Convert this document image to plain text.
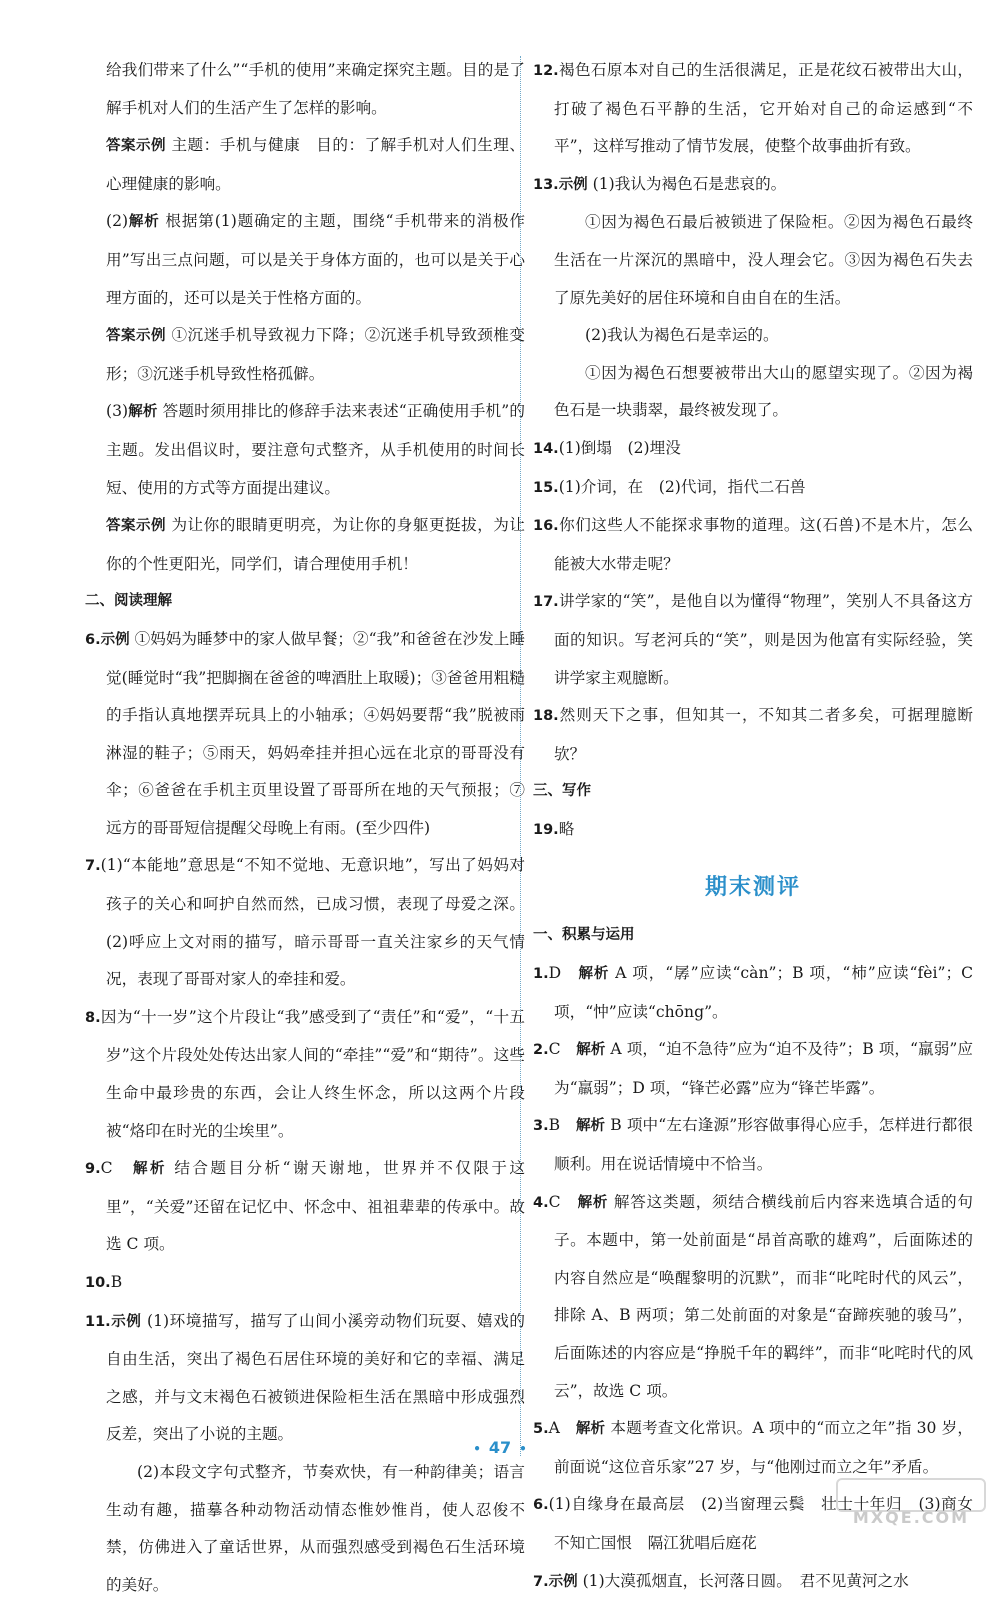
给我们带来了什么”“手机的使用”来确定探究主题。目的是了解手机对人们的生活产生了怎样的影响。

答案示例 主题：手机与健康　目的：了解手机对人们生理、心理健康的影响。

(2)解析 根据第(1)题确定的主题，围绕“手机带来的消极作用”写出三点问题，可以是关于身体方面的，也可以是关于心理方面的，还可以是关于性格方面的。

答案示例 ①沉迷手机导致视力下降；②沉迷手机导致颈椎变形；③沉迷手机导致性格孤僻。

(3)解析 答题时须用排比的修辞手法来表述“正确使用手机”的主题。发出倡议时，要注意句式整齐，从手机使用的时间长短、使用的方式等方面提出建议。

答案示例 为让你的眼睛更明亮，为让你的身躯更挺拔，为让你的个性更阳光，同学们，请合理使用手机！

二、阅读理解

6.示例 ①妈妈为睡梦中的家人做早餐；②“我”和爸爸在沙发上睡觉(睡觉时“我”把脚搁在爸爸的啤酒肚上取暖)；③爸爸用粗糙的手指认真地摆弄玩具上的小轴承；④妈妈要帮“我”脱被雨淋湿的鞋子；⑤雨天，妈妈牵挂并担心远在北京的哥哥没有伞；⑥爸爸在手机主页里设置了哥哥所在地的天气预报；⑦远方的哥哥短信提醒父母晚上有雨。(至少四件)

7.(1)“本能地”意思是“不知不觉地、无意识地”，写出了妈妈对孩子的关心和呵护自然而然，已成习惯，表现了母爱之深。(2)呼应上文对雨的描写，暗示哥哥一直关注家乡的天气情况，表现了哥哥对家人的牵挂和爱。

8.因为“十一岁”这个片段让“我”感受到了“责任”和“爱”，“十五岁”这个片段处处传达出家人间的“牵挂”“爱”和“期待”。这些生命中最珍贵的东西，会让人终生怀念，所以这两个片段被“烙印在时光的尘埃里”。

9.C　 解析 结合题目分析“谢天谢地，世界并不仅限于这里”，“关爱”还留在记忆中、怀念中、祖祖辈辈的传承中。故选 C 项。

10.B

11.示例 (1)环境描写，描写了山间小溪旁动物们玩耍、嬉戏的自由生活，突出了褐色石居住环境的美好和它的幸福、满足之感，并与文末褐色石被锁进保险柜生活在黑暗中形成强烈反差，突出了小说的主题。

(2)本段文字句式整齐，节奏欢快，有一种韵律美；语言生动有趣，描摹各种动物活动情态惟妙惟肖，使人忍俊不禁，仿佛进入了童话世界，从而强烈感受到褐色石生活环境的美好。

12.褐色石原本对自己的生活很满足，正是花纹石被带出大山，打破了褐色石平静的生活，它开始对自己的命运感到“不平”，这样写推动了情节发展，使整个故事曲折有致。

13.示例 (1)我认为褐色石是悲哀的。

①因为褐色石最后被锁进了保险柜。②因为褐色石最终生活在一片深沉的黑暗中，没人理会它。③因为褐色石失去了原先美好的居住环境和自由自在的生活。

(2)我认为褐色石是幸运的。

①因为褐色石想要被带出大山的愿望实现了。②因为褐色石是一块翡翠，最终被发现了。

14.(1)倒塌　(2)埋没

15.(1)介词，在　(2)代词，指代二石兽

16.你们这些人不能探求事物的道理。这(石兽)不是木片，怎么能被大水带走呢？

17.讲学家的“笑”，是他自以为懂得“物理”，笑别人不具备这方面的知识。写老河兵的“笑”，则是因为他富有实际经验，笑讲学家主观臆断。

18.然则天下之事，但知其一，不知其二者多矣，可据理臆断欤？

三、写作

19.略

期末测评

一、积累与运用

1.D　 解析 A 项，“孱”应读“càn”；B 项，“杮”应读“fèi”；C 项，“忡”应读“chōng”。

2.C　 解析 A 项，“迫不急待”应为“迫不及待”；B 项，“羸弱”应为“羸弱”；D 项，“锋芒必露”应为“锋芒毕露”。

3.B　 解析 B 项中“左右逢源”形容做事得心应手，怎样进行都很顺利。用在说话情境中不恰当。

4.C　 解析 解答这类题，须结合横线前后内容来选填合适的句子。本题中，第一处前面是“昂首高歌的雄鸡”，后面陈述的内容自然应是“唤醒黎明的沉默”，而非“叱咤时代的风云”，排除 A、B 两项；第二处前面的对象是“奋蹄疾驰的骏马”，后面陈述的内容应是“挣脱千年的羁绊”，而非“叱咤时代的风云”，故选 C 项。

5.A　 解析 本题考查文化常识。A 项中的“而立之年”指 30 岁，前面说“这位音乐家”27 岁，与“他刚过而立之年”矛盾。

6.(1)自缘身在最高层　(2)当窗理云鬓　壮士十年归　(3)商女不知亡国恨　隔江犹唱后庭花

7.示例 (1)大漠孤烟直，长河落日圆。　君不见黄河之水

• 47 •
MXQE.COM
